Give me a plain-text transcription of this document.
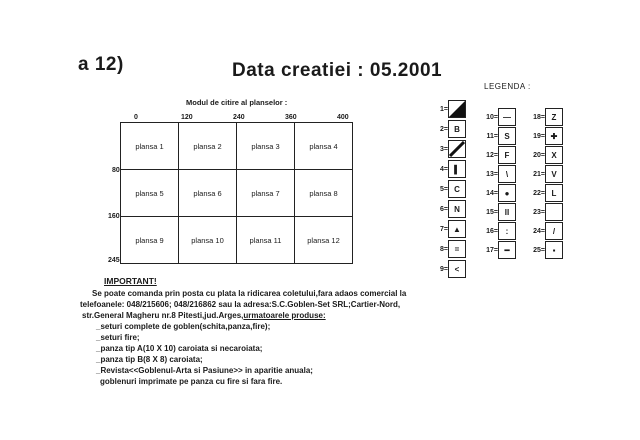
a 12)	Data creatiei : 05.2001
Modul de citire al planselor :
0	120	240	360	400
80
160
245
plansa 1	plansa 2	plansa 3	plansa 4
plansa 5	plansa 6	plansa 7	plansa 8
plansa 9	plansa 10	plansa 11	plansa 12
LEGENDA :
1=
2= B
3=
4= ▌
5= C
6= N
7= ▲
8= =
9= <
10= —
11= S
12= F
13= \
14= ●
15= II
16= :
17= ━
18= Z
19= ✚
20= X
21= V
22= L
23=
24= /
25= ▪
IMPORTANT!
Se poate comanda prin posta cu plata la ridicarea coletului,fara adaos comercial la
telefoanele: 048/215606; 048/216862 sau la adresa:S.C.Goblen-Set SRL;Cartier-Nord,
str.General Magheru nr.8 Pitesti,jud.Arges,urmatoarele produse:
_seturi complete de goblen(schita,panza,fire);
_seturi fire;
_panza tip A(10 X 10) caroiata si necaroiata;
_panza tip B(8 X 8) caroiata;
_Revista<<Goblenul-Arta si Pasiune>> in aparitie anuala;
goblenuri imprimate pe panza cu fire si fara fire.
